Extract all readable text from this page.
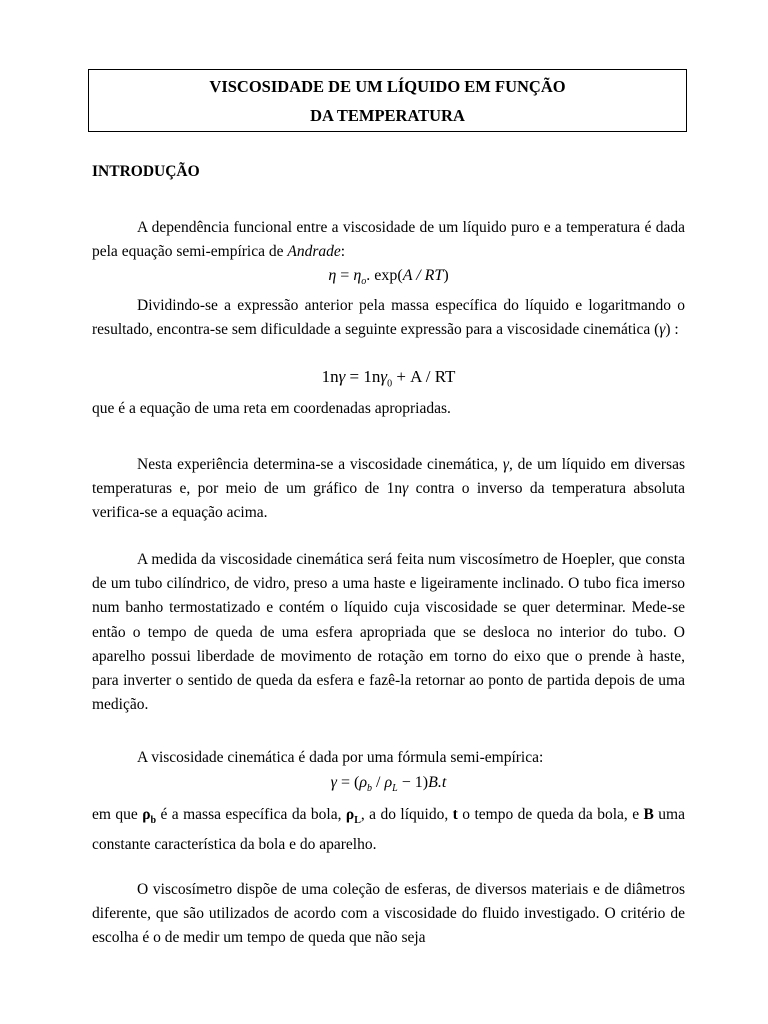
VISCOSIDADE DE UM LÍQUIDO EM FUNÇÃO
DA TEMPERATURA
INTRODUÇÃO
A dependência funcional entre a viscosidade de um líquido puro e a temperatura é dada pela equação semi-empírica de Andrade:
$\eta = \eta_o$. exp(A / RT)
Dividindo-se a expressão anterior pela massa específica do líquido e logaritmando o resultado, encontra-se sem dificuldade a seguinte expressão para a viscosidade cinemática (γ) :
$1n\gamma = 1n\gamma_0 + A$ / RT
que é a equação de uma reta em coordenadas apropriadas.
Nesta experiência determina-se a viscosidade cinemática, γ, de um líquido em diversas temperaturas e, por meio de um gráfico de 1nγ contra o inverso da temperatura absoluta verifica-se a equação acima.
A medida da viscosidade cinemática será feita num viscosímetro de Hoepler, que consta de um tubo cilíndrico, de vidro, preso a uma haste e ligeiramente inclinado. O tubo fica imerso num banho termostatizado e contém o líquido cuja viscosidade se quer determinar. Mede-se então o tempo de queda de uma esfera apropriada que se desloca no interior do tubo. O aparelho possui liberdade de movimento de rotação em torno do eixo que o prende à haste, para inverter o sentido de queda da esfera e fazê-la retornar ao ponto de partida depois de uma medição.
A viscosidade cinemática é dada por uma fórmula semi-empírica:
$\gamma = (\rho_b / \rho_L - 1)B.t$
em que $\rho_b$ é a massa específica da bola, $\rho_L$, a do líquido, t o tempo de queda da bola, e B uma constante característica da bola e do aparelho.
O viscosímetro dispõe de uma coleção de esferas, de diversos materiais e de diâmetros diferente, que são utilizados de acordo com a viscosidade do fluido investigado. O critério de escolha é o de medir um tempo de queda que não seja
